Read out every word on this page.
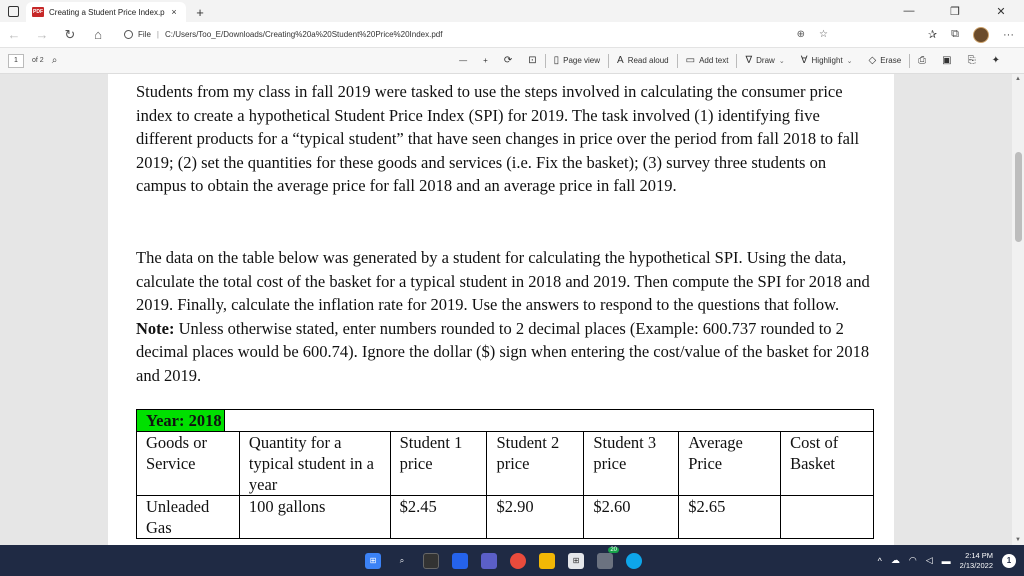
PDF Creating a Student Price Index.p ×	+	—	❐	✕
←	→	↻	⌂	File | C:/Users/Too_E/Downloads/Creating%20a%20Student%20Price%20Index.pdf	⊕ ☆	✰ ⧉	···
1	of 2 ⌕	— + ⟳ ⊡ ▯ Page view A Read aloud ▭ Add text ∇ Draw ⌄ ∀ Highlight ⌄ ◇ Erase ⎙ ▣ ⎘ ✦

Students from my class in fall 2019 were tasked to use the steps involved in calculating the consumer price index to create a hypothetical Student Price Index (SPI) for 2019. The task involved (1) identifying five different products for a “typical student” that have seen changes in price over the period from fall 2018 to fall 2019; (2) set the quantities for these goods and services (i.e. Fix the basket); (3) survey three students on campus to obtain the average price for fall 2018 and an average price in fall 2019.

The data on the table below was generated by a student for calculating the hypothetical SPI. Using the data, calculate the total cost of the basket for a typical student in 2018 and 2019. Then compute the SPI for 2018 and 2019. Finally, calculate the inflation rate for 2019. Use the answers to respond to the questions that follow. Note: Unless otherwise stated, enter numbers rounded to 2 decimal places (Example: 600.737 rounded to 2 decimal places would be 600.74). Ignore the dollar ($) sign when entering the cost/value of the basket for 2018 and 2019.

Year: 2018						
Goods or Service	Quantity for a typical student in a year	Student 1 price	Student 2 price	Student 3 price	Average Price	Cost of Basket
Unleaded Gas	100 gallons	$2.45	$2.90	$2.60	$2.65	
▲
▼
⊞	⌕	⊞
20
^ ☁ ◠ ◁ ▬
2:14 PM
2/13/2022	1
